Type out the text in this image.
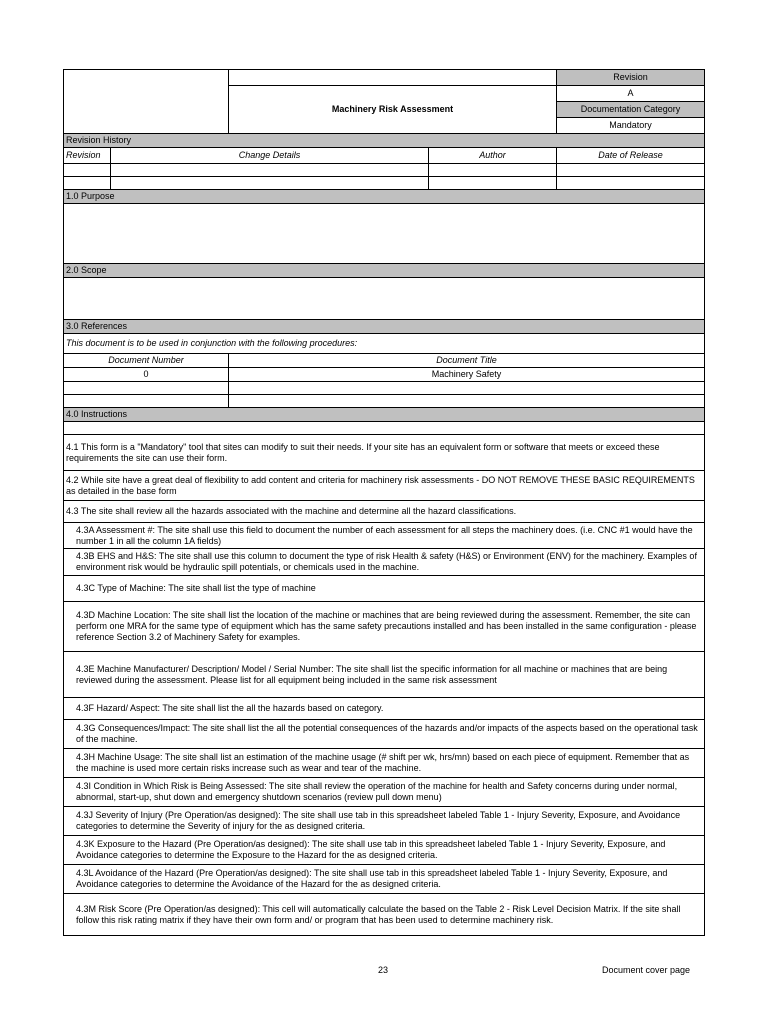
				Revision
		Machinery Risk Assessment		A
				Documentation Category
				Mandatory
Revision History				
Revision	Change Details		Author	Date of Release

1.0 Purpose				

2.0 Scope				

3.0 References				
This document is to be used in conjunction with the following procedures:				
Document Number		Document Title		
0		Machinery Safety		

4.0 Instructions				

4.1 This form is a "Mandatory" tool that sites can modify to suit their needs. If your site has an equivalent form or software that meets or exceed these requirements the site can use their form.				
4.2 While site have a great deal of flexibility to add content and criteria for machinery risk assessments - DO NOT REMOVE THESE BASIC REQUIREMENTS as detailed in the base form				
4.3 The site shall review all the hazards associated with the machine and determine all the hazard classifications.				
4.3A Assessment #: The site shall use this field to document the number of each assessment for all steps the machinery does. (i.e. CNC #1 would have the number 1 in all the column 1A fields)				
4.3B EHS and H&S: The site shall use this column to document the type of risk Health & safety (H&S) or Environment (ENV) for the machinery. Examples of environment risk would be hydraulic spill potentials, or chemicals used in the machine.				
4.3C Type of Machine: The site shall list the type of machine				
4.3D Machine Location: The site shall list the location of the machine or machines that are being reviewed during the assessment. Remember, the site can perform one MRA for the same type of equipment which has the same safety precautions installed and has been installed in the same configuration - please reference Section 3.2 of Machinery Safety for examples.				
4.3E Machine Manufacturer/ Description/ Model / Serial Number: The site shall list the specific information for all machine or machines that are being reviewed during the assessment. Please list for all equipment being included in the same risk assessment				
4.3F Hazard/ Aspect: The site shall list the all the hazards based on category.				
4.3G Consequences/Impact: The site shall list the all the potential consequences of the hazards and/or impacts of the aspects based on the operational task of the machine.				
4.3H Machine Usage: The site shall list an estimation of the machine usage (# shift per wk, hrs/mn) based on each piece of equipment. Remember that as the machine is used more certain risks increase such as wear and tear of the machine.				
4.3I Condition in Which Risk is Being Assessed: The site shall review the operation of the machine for health and Safety concerns during under normal, abnormal, start-up, shut down and emergency shutdown scenarios (review pull down menu)				
4.3J Severity of Injury (Pre Operation/as designed): The site shall use tab in this spreadsheet labeled Table 1 - Injury Severity, Exposure, and Avoidance categories to determine the Severity of injury for the as designed criteria.				
4.3K Exposure to the Hazard (Pre Operation/as designed): The site shall use tab in this spreadsheet labeled Table 1 - Injury Severity, Exposure, and Avoidance categories to determine the Exposure to the Hazard for the as designed criteria.				
4.3L Avoidance of the Hazard (Pre Operation/as designed): The site shall use tab in this spreadsheet labeled Table 1 - Injury Severity, Exposure, and Avoidance categories to determine the Avoidance of the Hazard for the as designed criteria.				
4.3M Risk Score (Pre Operation/as designed): This cell will automatically calculate the based on the Table 2 - Risk Level Decision Matrix. If the site shall follow this risk rating matrix if they have their own form and/ or program that has been used to determine machinery risk.				
23	Document cover page
